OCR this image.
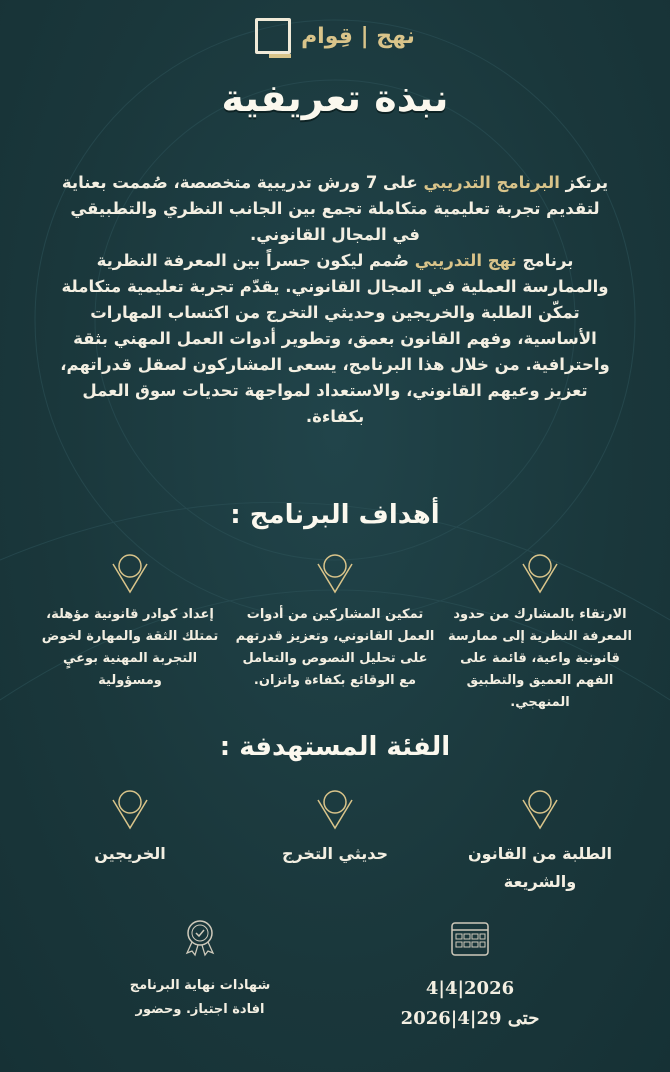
نهج | قِوام
نبذة تعريفية
يرتكز البرنامج التدريبي على 7 ورش تدريبية متخصصة، صُممت بعناية لتقديم تجربة تعليمية متكاملة تجمع بين الجانب النظري والتطبيقي في المجال القانوني.
برنامج نهج التدريبي صُمم ليكون جسراً بين المعرفة النظرية والممارسة العملية في المجال القانوني. يقدّم تجربة تعليمية متكاملة تمكّن الطلبة والخريجين وحديثي التخرج من اكتساب المهارات الأساسية، وفهم القانون بعمق، وتطوير أدوات العمل المهني بثقة واحترافية. من خلال هذا البرنامج، يسعى المشاركون لصقل قدراتهم، تعزيز وعيهم القانوني، والاستعداد لمواجهة تحديات سوق العمل بكفاءة.
أهداف البرنامج :
الارتقاء بالمشارك من حدود المعرفة النظرية إلى ممارسة قانونية واعية، قائمة على الفهم العميق والتطبيق المنهجي.
تمكين المشاركين من أدوات العمل القانوني، وتعزيز قدرتهم على تحليل النصوص والتعامل مع الوقائع بكفاءة واتزان.
إعداد كوادر قانونية مؤهلة، تمتلك الثقة والمهارة لخوض التجربة المهنية بوعيٍ ومسؤولية
الفئة المستهدفة :
الطلبة من القانون والشريعة
حديثي التخرج
الخريجين
4|4|2026
حتى 29|4|2026
شهادات نهاية البرنامج
افادة اجتياز. وحضور
